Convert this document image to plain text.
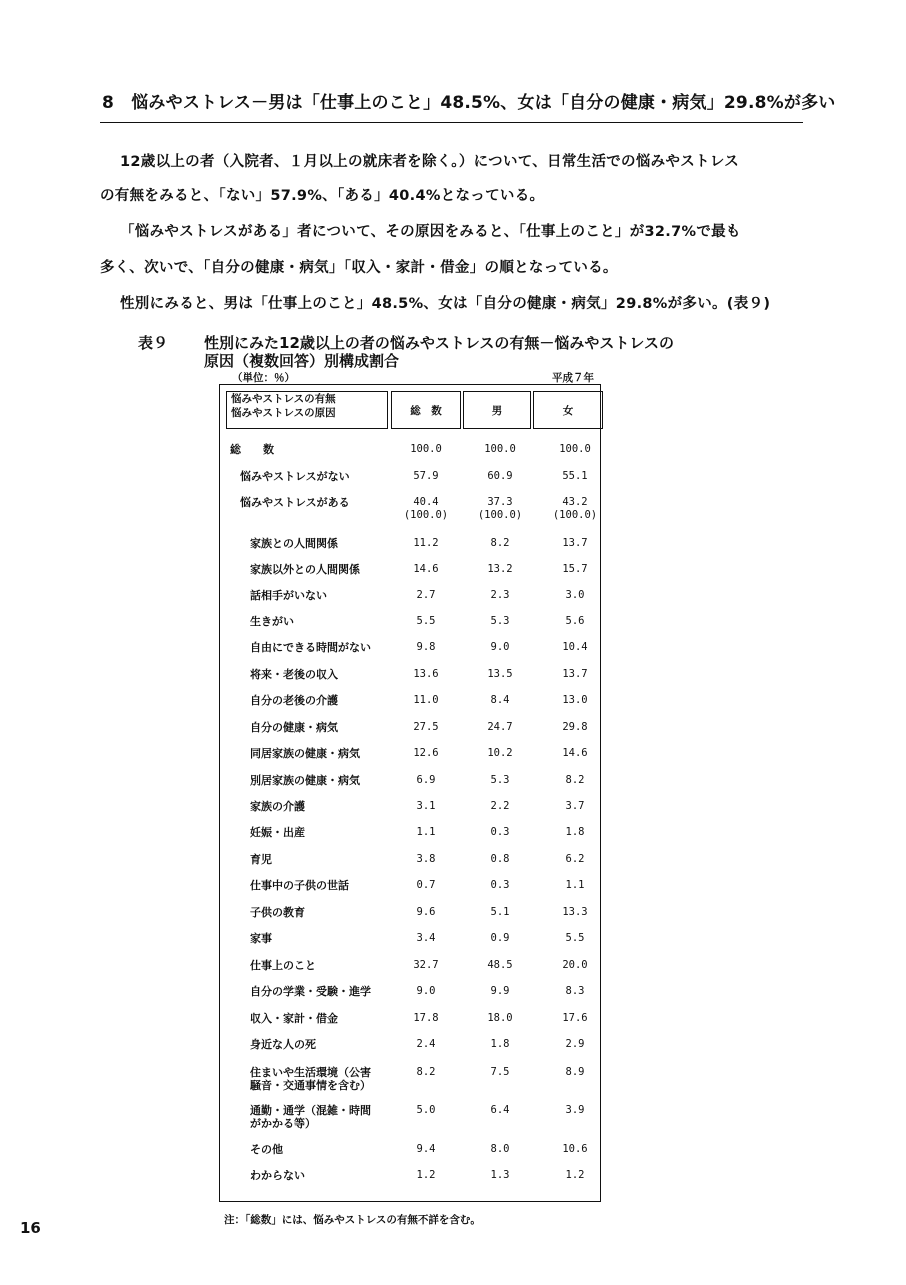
8　悩みやストレス－男は「仕事上のこと」48.5%、女は「自分の健康・病気」29.8%が多い
12歳以上の者（入院者、１月以上の就床者を除く。）について、日常生活での悩みやストレス
の有無をみると、「ない」57.9%、「ある」40.4%となっている。
「悩みやストレスがある」者について、その原因をみると、「仕事上のこと」が32.7%で最も
多く、次いで、「自分の健康・病気」「収入・家計・借金」の順となっている。
性別にみると、男は「仕事上のこと」48.5%、女は「自分の健康・病気」29.8%が多い。(表９)
表９ 性別にみた12歳以上の者の悩みやストレスの有無－悩みやストレスの
原因（複数回答）別構成割合
（単位：％）	平成７年
悩みやストレスの有無
悩みやストレスの原因	総　数	男	女
総　　数	100.0	100.0	100.0
悩みやストレスがない	57.9	60.9	55.1
悩みやストレスがある	40.4	37.3	43.2
(100.0)	(100.0)	(100.0)
家族との人間関係	11.2	8.2	13.7
家族以外との人間関係	14.6	13.2	15.7
話相手がいない	2.7	2.3	3.0
生きがい	5.5	5.3	5.6
自由にできる時間がない	9.8	9.0	10.4
将来・老後の収入	13.6	13.5	13.7
自分の老後の介護	11.0	8.4	13.0
自分の健康・病気	27.5	24.7	29.8
同居家族の健康・病気	12.6	10.2	14.6
別居家族の健康・病気	6.9	5.3	8.2
家族の介護	3.1	2.2	3.7
妊娠・出産	1.1	0.3	1.8
育児	3.8	0.8	6.2
仕事中の子供の世話	0.7	0.3	1.1
子供の教育	9.6	5.1	13.3
家事	3.4	0.9	5.5
仕事上のこと	32.7	48.5	20.0
自分の学業・受験・進学	9.0	9.9	8.3
収入・家計・借金	17.8	18.0	17.6
身近な人の死	2.4	1.8	2.9
住まいや生活環境（公害
騒音・交通事情を含む）
8.2	7.5	8.9
通勤・通学（混雑・時間
がかかる等）
5.0	6.4	3.9
その他	9.4	8.0	10.6
わからない	1.2	1.3	1.2
注：「総数」には、悩みやストレスの有無不詳を含む。
16
